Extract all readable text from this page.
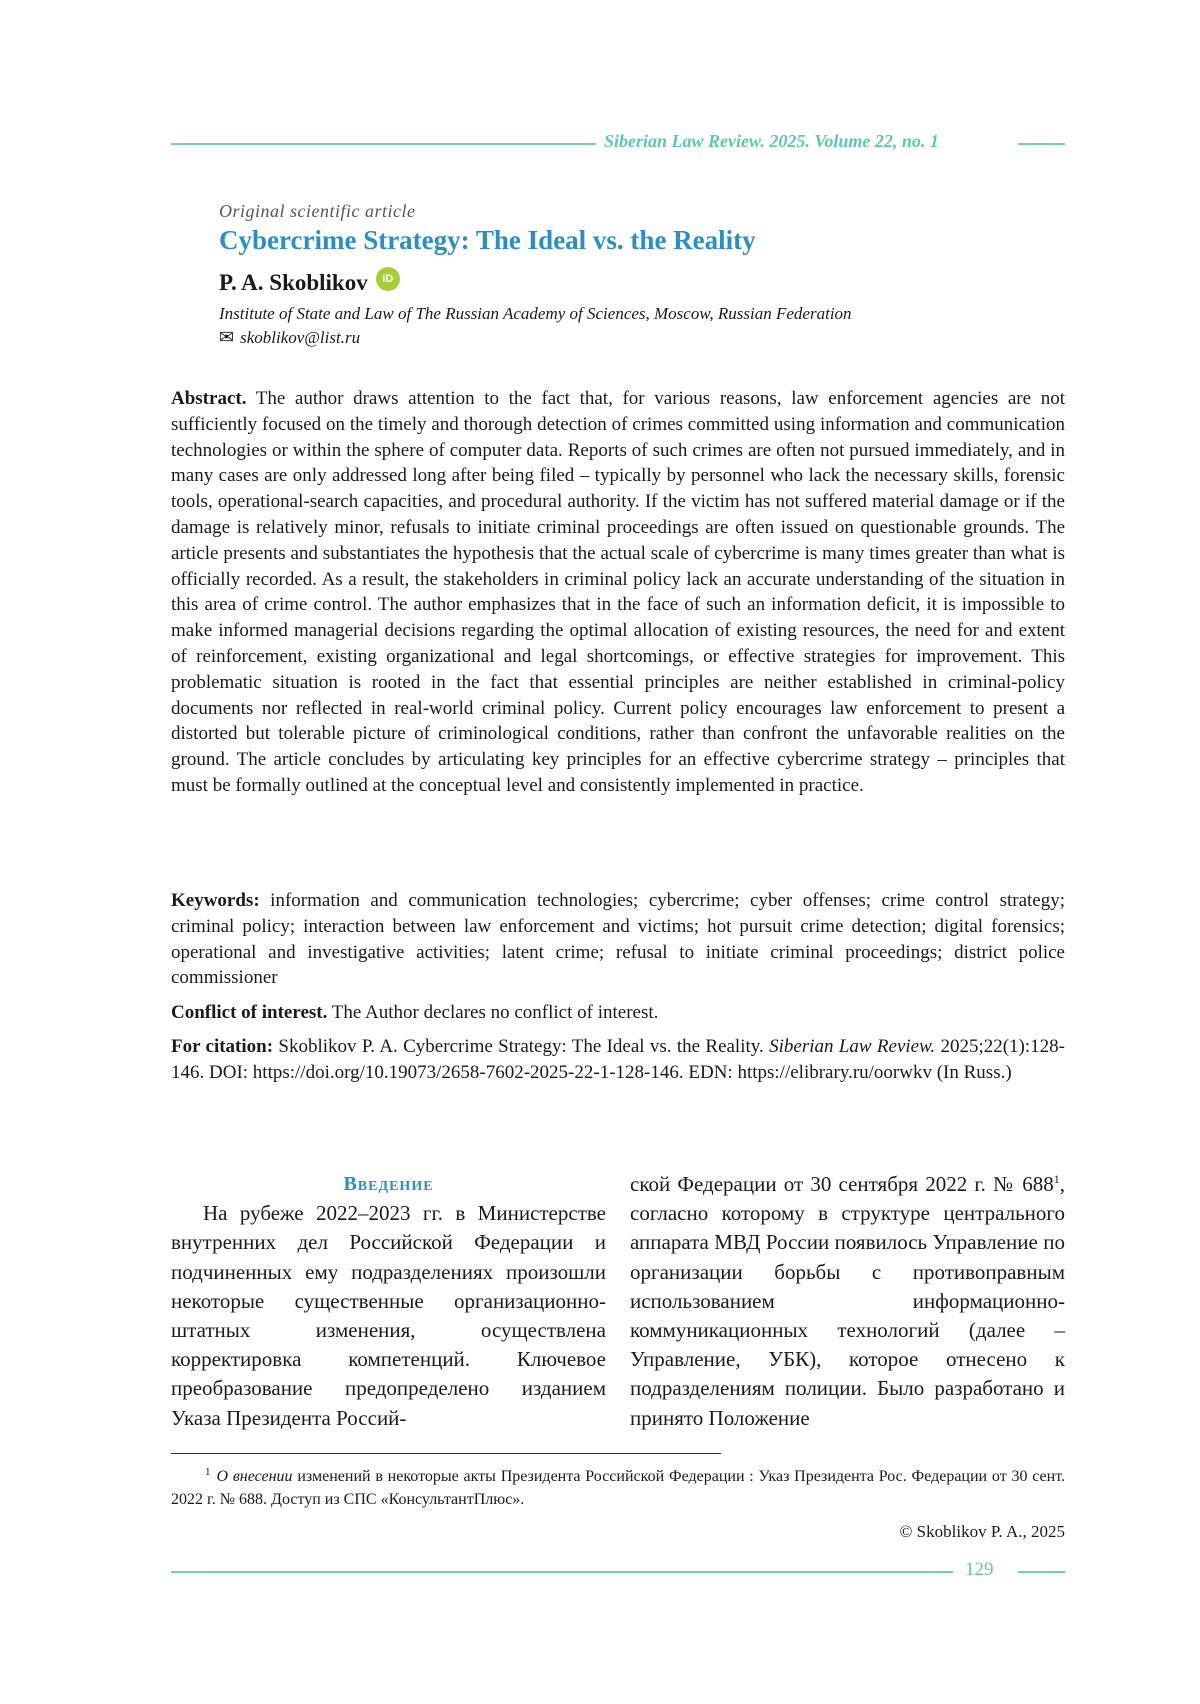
Siberian Law Review. 2025. Volume 22, no. 1
Original scientific article
Cybercrime Strategy: The Ideal vs. the Reality
P. A. Skoblikov	iD
Institute of State and Law of The Russian Academy of Sciences, Moscow, Russian Federation
✉ skoblikov@list.ru
Abstract. The author draws attention to the fact that, for various reasons, law enforcement agencies are not sufficiently focused on the timely and thorough detection of crimes committed using information and communication technologies or within the sphere of computer data. Reports of such crimes are often not pursued immediately, and in many cases are only addressed long after being filed – typically by personnel who lack the necessary skills, forensic tools, operational-search capacities, and procedural authority. If the victim has not suffered material damage or if the damage is relatively minor, refusals to initiate criminal proceedings are often issued on questionable grounds. The article presents and substantiates the hypothesis that the actual scale of cybercrime is many times greater than what is officially recorded. As a result, the stakeholders in criminal policy lack an accurate understanding of the situation in this area of crime control. The author emphasizes that in the face of such an information deficit, it is impossible to make informed managerial decisions regarding the optimal allocation of existing resources, the need for and extent of reinforcement, existing organizational and legal shortcomings, or effective strategies for improvement. This problematic situation is rooted in the fact that essential principles are neither established in criminal-policy documents nor reflected in real-world criminal policy. Current policy encourages law enforcement to present a distorted but tolerable picture of criminological conditions, rather than confront the unfavorable realities on the ground. The article concludes by articulating key principles for an effective cybercrime strategy – principles that must be formally outlined at the conceptual level and consistently implemented in practice.
Keywords: information and communication technologies; cybercrime; cyber offenses; crime control strategy; criminal policy; interaction between law enforcement and victims; hot pursuit crime detection; digital forensics; operational and investigative activities; latent crime; refusal to initiate criminal proceedings; district police commissioner
Conflict of interest. The Author declares no conflict of interest.
For citation: Skoblikov P. A. Cybercrime Strategy: The Ideal vs. the Reality. Siberian Law Review. 2025;22(1):128-146. DOI: https://doi.org/10.19073/2658-7602-2025-22-1-128-146. EDN: https://elibrary.ru/oorwkv (In Russ.)
Введение
На рубеже 2022–2023 гг. в Министерстве внутренних дел Российской Федерации и подчиненных ему подразделениях произошли некоторые существенные организационно-штатных изменения, осуществлена корректировка компетенций. Ключевое преобразование предопределено изданием Указа Президента Россий-
ской Федерации от 30 сентября 2022 г. № $688^1$, согласно которому в структуре центрального аппарата МВД России появилось Управление по организации борьбы с противоправным использованием информационно-коммуникационных технологий (далее – Управление, УБК), которое отнесено к подразделениям полиции. Было разработано и принято Положение
$^1$ О внесении изменений в некоторые акты Президента Российской Федерации : Указ Президента Рос. Федерации от 30 сент. 2022 г. № 688. Доступ из СПС «КонсультантПлюс».
© Skoblikov P. A., 2025
129
